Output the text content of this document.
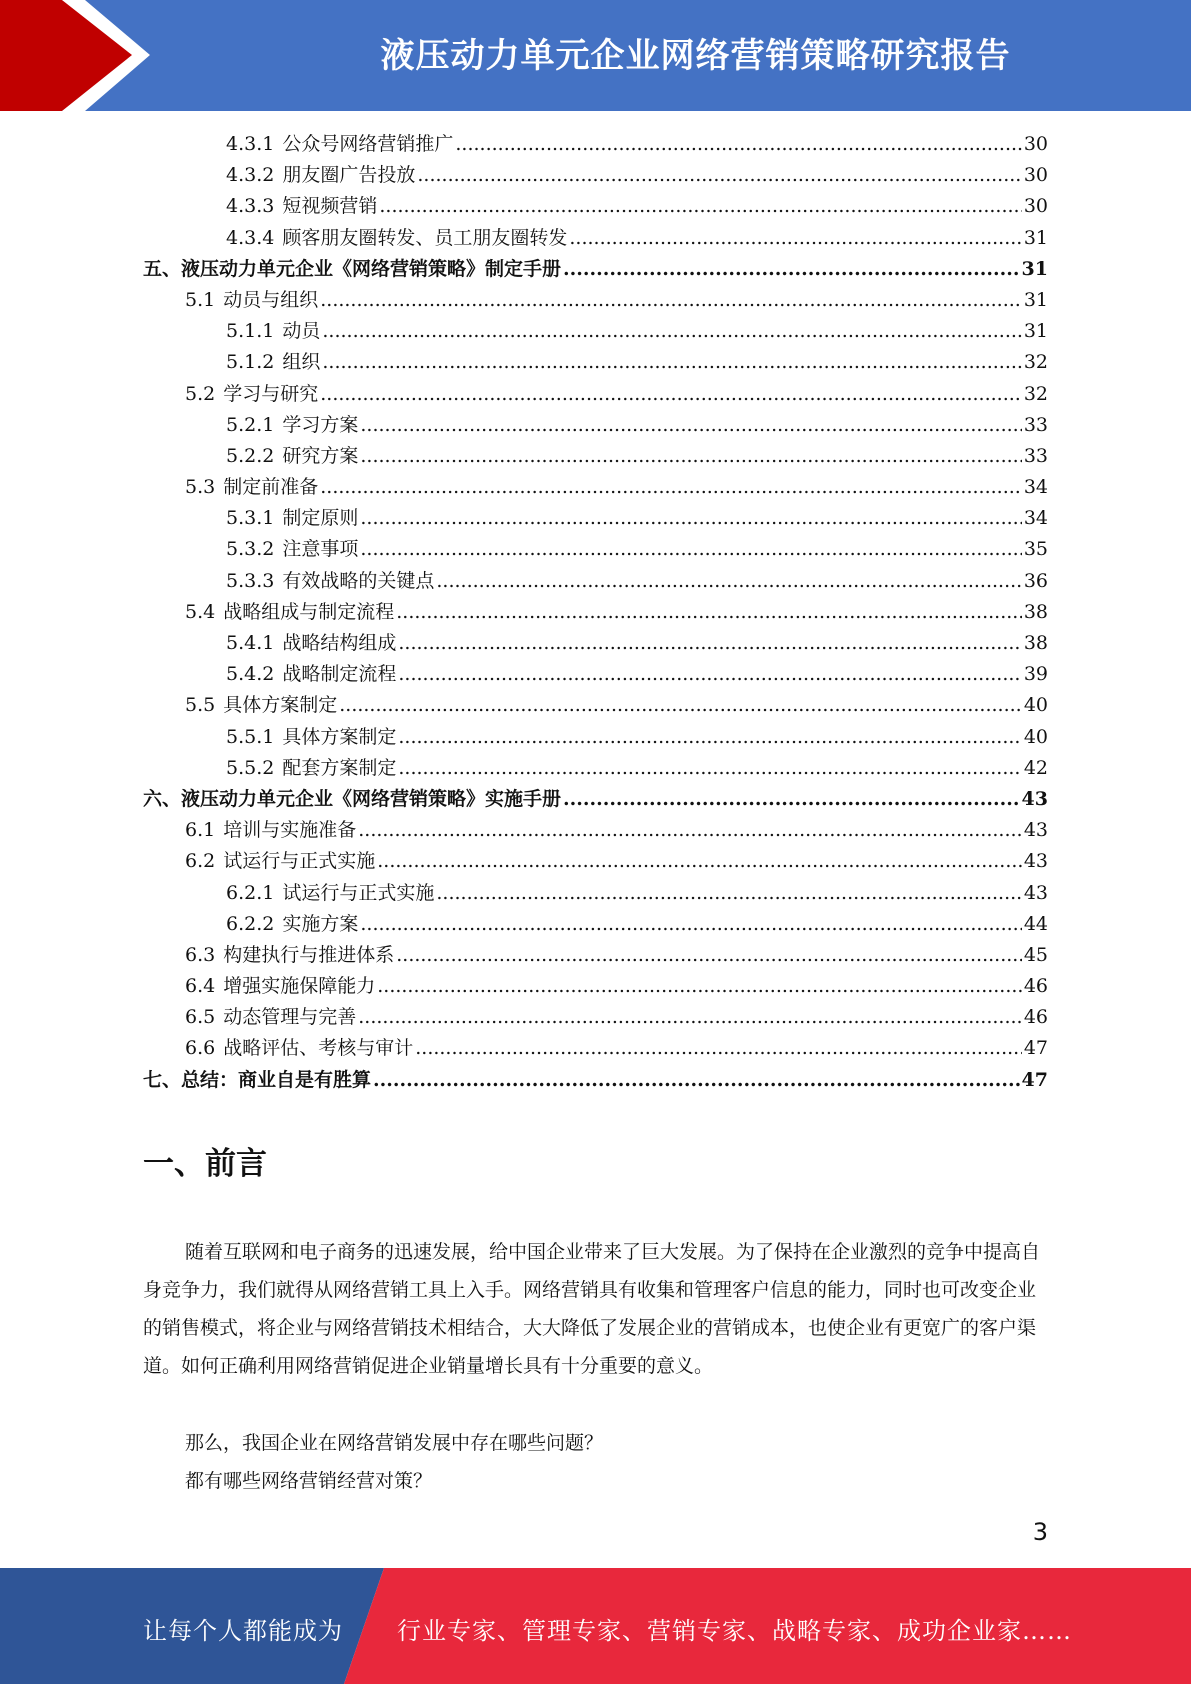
液压动力单元企业网络营销策略研究报告
4.3.1 公众号网络营销推广 .....	30
4.3.2 朋友圈广告投放 .....	30
4.3.3 短视频营销 .....	30
4.3.4 顾客朋友圈转发、员工朋友圈转发 .....	31
五、液压动力单元企业《网络营销策略》制定手册 .....	31
5.1 动员与组织 .....	31
5.1.1 动员 .....	31
5.1.2 组织 .....	32
5.2 学习与研究 .....	32
5.2.1 学习方案 .....	33
5.2.2 研究方案 .....	33
5.3 制定前准备 .....	34
5.3.1 制定原则 .....	34
5.3.2 注意事项 .....	35
5.3.3 有效战略的关键点 .....	36
5.4 战略组成与制定流程 .....	38
5.4.1 战略结构组成 .....	38
5.4.2 战略制定流程 .....	39
5.5 具体方案制定 .....	40
5.5.1 具体方案制定 .....	40
5.5.2 配套方案制定 .....	42
六、液压动力单元企业《网络营销策略》实施手册 .....	43
6.1 培训与实施准备 .....	43
6.2 试运行与正式实施 .....	43
6.2.1 试运行与正式实施 .....	43
6.2.2 实施方案 .....	44
6.3 构建执行与推进体系 .....	45
6.4 增强实施保障能力 .....	46
6.5 动态管理与完善 .....	46
6.6 战略评估、考核与审计 .....	47
七、总结：商业自是有胜算 .....	47
一、前言

随着互联网和电子商务的迅速发展，给中国企业带来了巨大发展。为了保持在企业激烈的竞争中提高自身竞争力，我们就得从网络营销工具上入手。网络营销具有收集和管理客户信息的能力，同时也可改变企业的销售模式，将企业与网络营销技术相结合，大大降低了发展企业的营销成本，也使企业有更宽广的客户渠道。如何正确利用网络营销促进企业销量增长具有十分重要的意义。

那么，我国企业在网络营销发展中存在哪些问题？

都有哪些网络营销经营对策？

3
让每个人都能成为 行业专家、管理专家、营销专家、战略专家、成功企业家……
